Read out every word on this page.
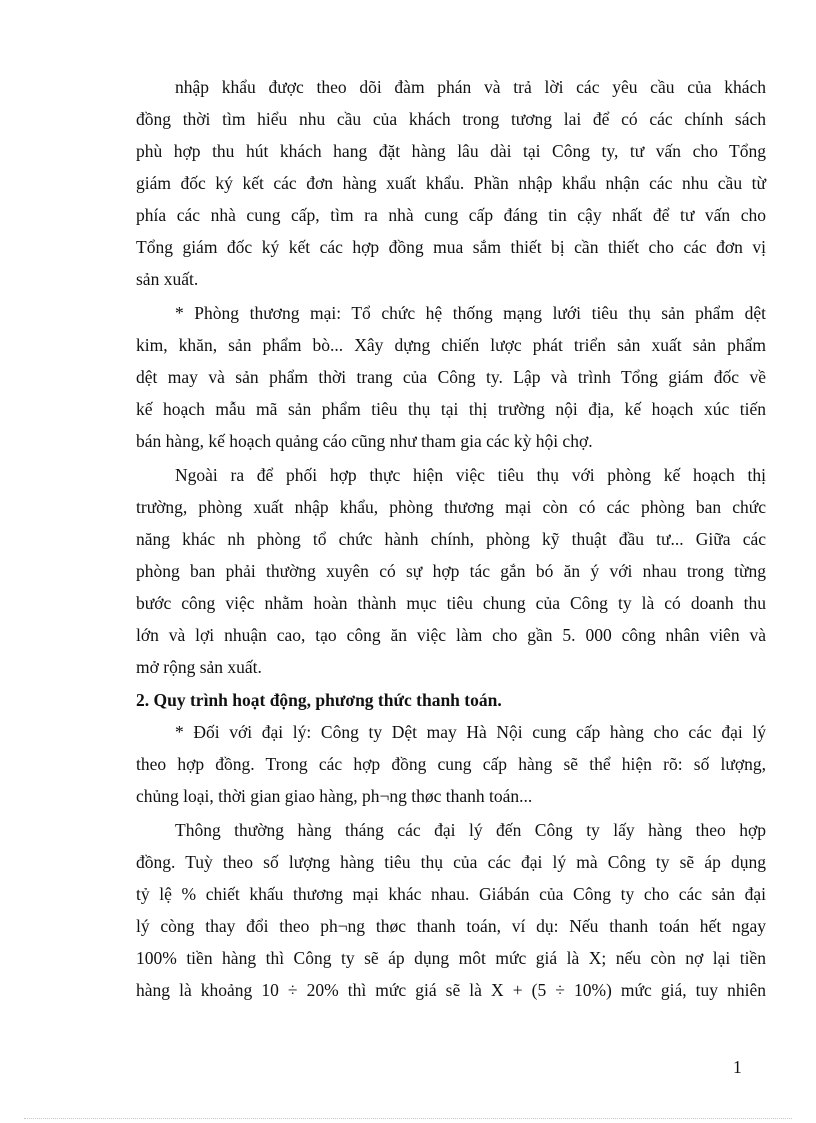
nhập khẩu được theo dõi đàm phán và trả lời các yêu cầu của khách
đồng thời tìm hiểu nhu cầu của khách trong tương lai để có các chính sách
phù hợp thu hút khách hang đặt hàng lâu dài tại Công ty, tư vấn cho Tổng
giám đốc ký kết các đơn hàng xuất khẩu. Phần nhập khẩu nhận các nhu cầu từ
phía các nhà cung cấp, tìm ra nhà cung cấp đáng tin cậy nhất để tư vấn cho
Tổng giám đốc ký kết các hợp đồng mua sắm thiết bị cần thiết cho các đơn vị
sản xuất.
* Phòng thương mại: Tổ chức hệ thống mạng lưới tiêu thụ sản phẩm dệt
kim, khăn, sản phẩm bò... Xây dựng chiến lược phát triển sản xuất sản phẩm
dệt may và sản phẩm thời trang của Công ty. Lập và trình Tổng giám đốc về
kế hoạch mẫu mã sản phẩm tiêu thụ tại thị trường nội địa, kế hoạch xúc tiến
bán hàng, kế hoạch quảng cáo cũng như tham gia các kỳ hội chợ.
Ngoài ra để phối hợp thực hiện việc tiêu thụ với phòng kế hoạch thị
trường, phòng xuất nhập khẩu, phòng thương mại còn có các phòng ban chức
năng khác nh phòng tổ chức hành chính, phòng kỹ thuật đầu tư... Giữa các
phòng ban phải thường xuyên có sự hợp tác gắn bó ăn ý với nhau trong từng
bước công việc nhằm hoàn thành mục tiêu chung của Công ty là có doanh thu
lớn và lợi nhuận cao, tạo công ăn việc làm cho gần 5. 000 công nhân viên và
mở rộng sản xuất.
2. Quy trình hoạt động, phương thức thanh toán.
* Đối với đại lý: Công ty Dệt may Hà Nội cung cấp hàng cho các đại lý
theo hợp đồng. Trong các hợp đồng cung cấp hàng sẽ thể hiện rõ: số lượng,
chủng loại, thời gian giao hàng, ph¬ng thøc thanh toán...
Thông thường hàng tháng các đại lý đến Công ty lấy hàng theo hợp
đồng. Tuỳ theo số lượng hàng tiêu thụ của các đại lý mà Công ty sẽ áp dụng
tỷ lệ % chiết khấu thương mại khác nhau. Giábán của Công ty cho các sản đại
lý còng thay đổi theo ph¬ng thøc thanh toán, ví dụ: Nếu thanh toán hết ngay
100% tiền hàng thì Công ty sẽ áp dụng môt mức giá là X; nếu còn nợ lại tiền
hàng là khoảng 10 ÷ 20% thì mức giá sẽ là X + (5 ÷ 10%) mức giá, tuy nhiên
1
